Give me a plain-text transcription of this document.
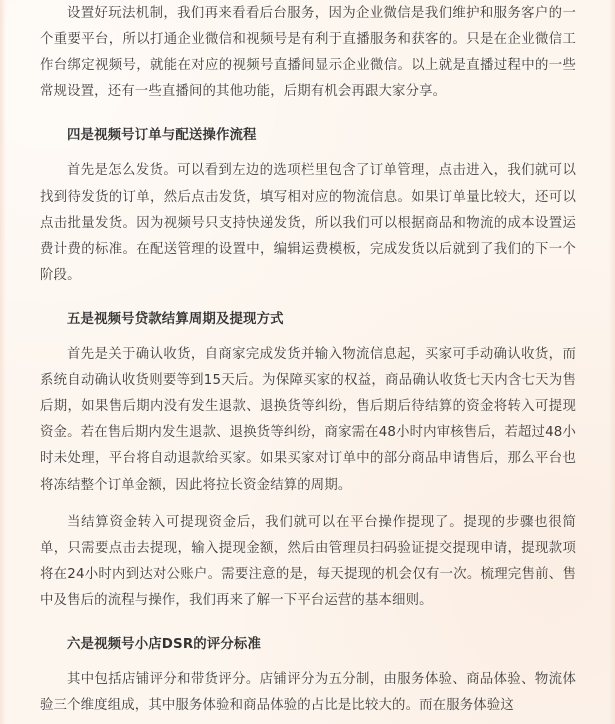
设置好玩法机制，我们再来看看后台服务，因为企业微信是我们维护和服务客户的一个重要平台，所以打通企业微信和视频号是有利于直播服务和获客的。只是在企业微信工作台绑定视频号，就能在对应的视频号直播间显示企业微信。以上就是直播过程中的一些常规设置，还有一些直播间的其他功能，后期有机会再跟大家分享。

四是视频号订单与配送操作流程

首先是怎么发货。可以看到左边的选项栏里包含了订单管理，点击进入，我们就可以找到待发货的订单，然后点击发货，填写相对应的物流信息。如果订单量比较大，还可以点击批量发货。因为视频号只支持快递发货，所以我们可以根据商品和物流的成本设置运费计费的标准。在配送管理的设置中，编辑运费模板，完成发货以后就到了我们的下一个阶段。

五是视频号贷款结算周期及提现方式

首先是关于确认收货，自商家完成发货并输入物流信息起，买家可手动确认收货，而系统自动确认收货则要等到15天后。为保障买家的权益，商品确认收货七天内含七天为售后期，如果售后期内没有发生退款、退换货等纠纷，售后期后待结算的资金将转入可提现资金。若在售后期内发生退款、退换货等纠纷，商家需在48小时内审核售后，若超过48小时未处理，平台将自动退款给买家。如果买家对订单中的部分商品申请售后，那么平台也将冻结整个订单金额，因此将拉长资金结算的周期。

当结算资金转入可提现资金后，我们就可以在平台操作提现了。提现的步骤也很简单，只需要点击去提现，输入提现金额，然后由管理员扫码验证提交提现申请，提现款项将在24小时内到达对公账户。需要注意的是，每天提现的机会仅有一次。梳理完售前、售中及售后的流程与操作，我们再来了解一下平台运营的基本细则。

六是视频号小店DSR的评分标准

其中包括店铺评分和带货评分。店铺评分为五分制，由服务体验、商品体验、物流体验三个维度组成，其中服务体验和商品体验的占比是比较大的。而在服务体验这
